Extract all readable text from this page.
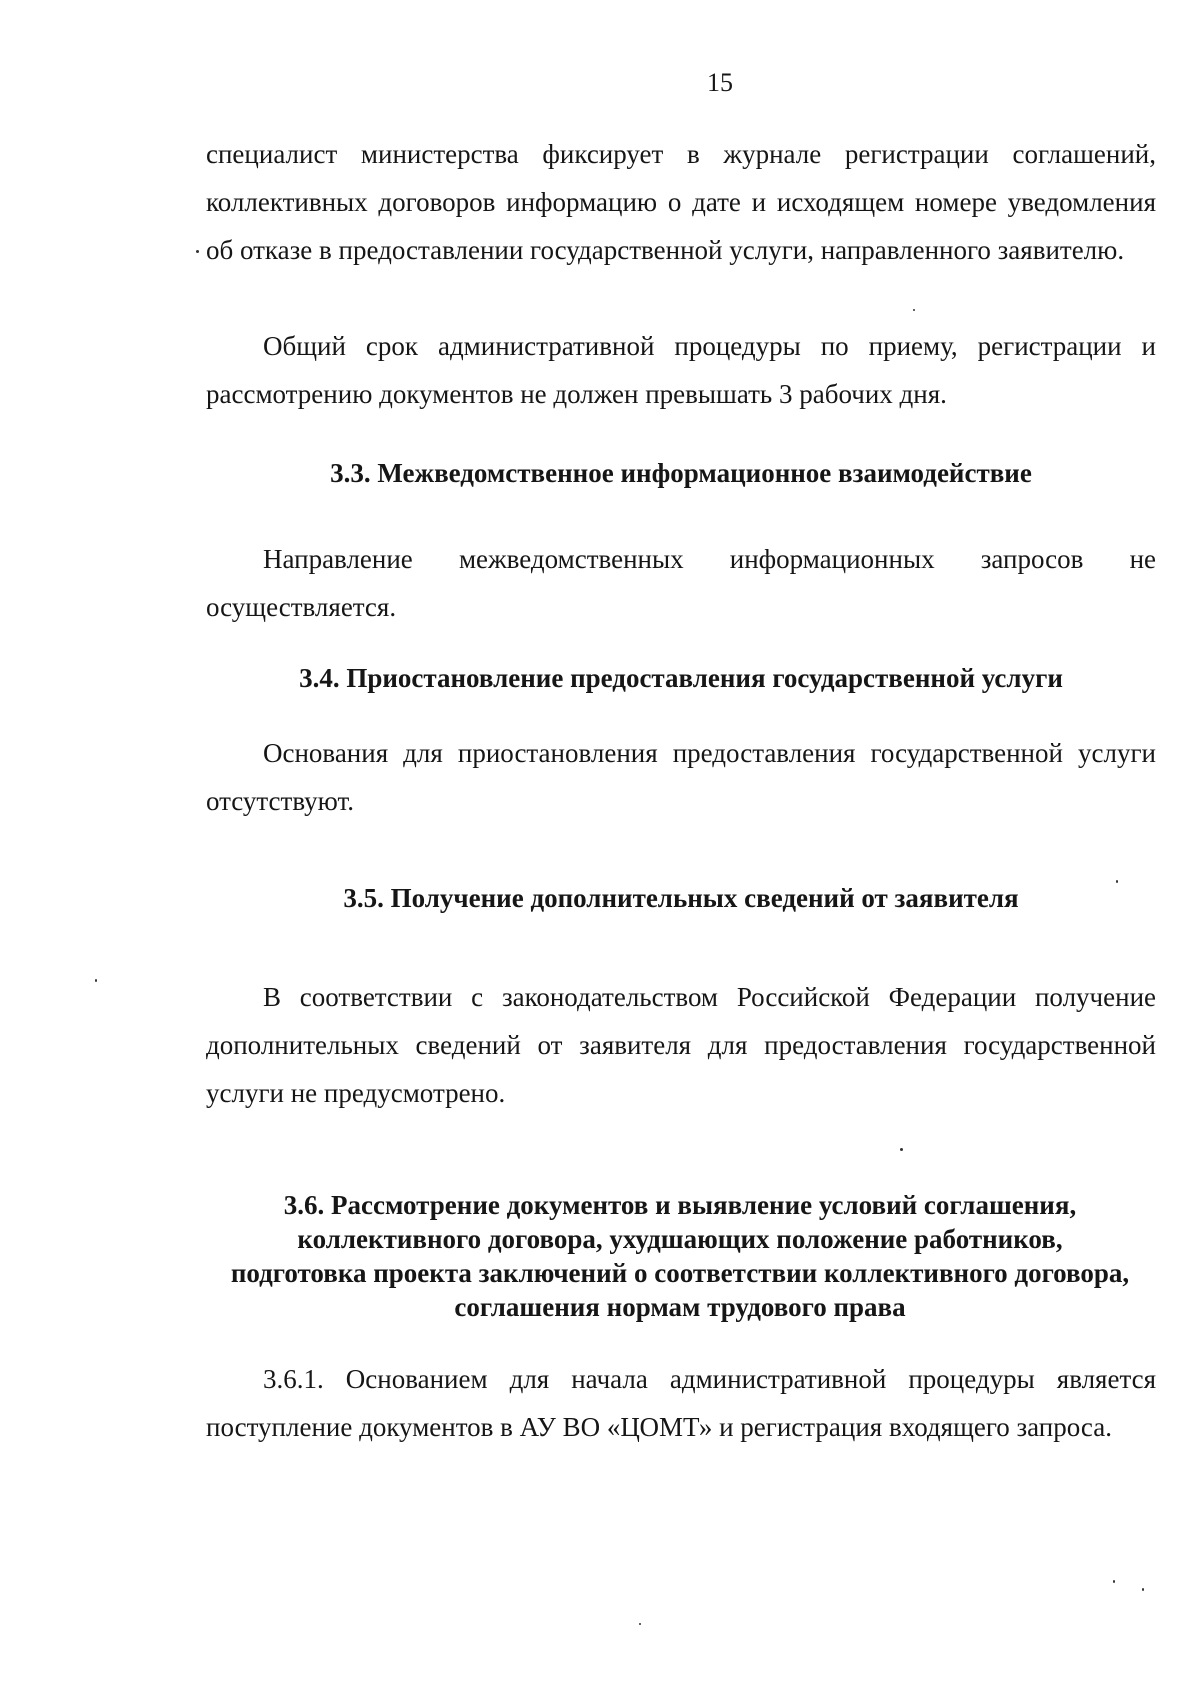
15

специалист министерства фиксирует в журнале регистрации соглашений, коллективных договоров информацию о дате и исходящем номере уведомления об отказе в предоставлении государственной услуги, направленного заявителю.

Общий срок административной процедуры по приему, регистрации и рассмотрению документов не должен превышать 3 рабочих дня.

3.3. Межведомственное информационное взаимодействие

Направление межведомственных информационных запросов не осуществляется.

3.4. Приостановление предоставления государственной услуги

Основания для приостановления предоставления государственной услуги отсутствуют.

3.5. Получение дополнительных сведений от заявителя

В соответствии с законодательством Российской Федерации получение дополнительных сведений от заявителя для предоставления государственной услуги не предусмотрено.

3.6. Рассмотрение документов и выявление условий соглашения, коллективного договора, ухудшающих положение работников, подготовка проекта заключений о соответствии коллективного договора, соглашения нормам трудового права

3.6.1. Основанием для начала административной процедуры является поступление документов в АУ ВО «ЦОМТ» и регистрация входящего запроса.
